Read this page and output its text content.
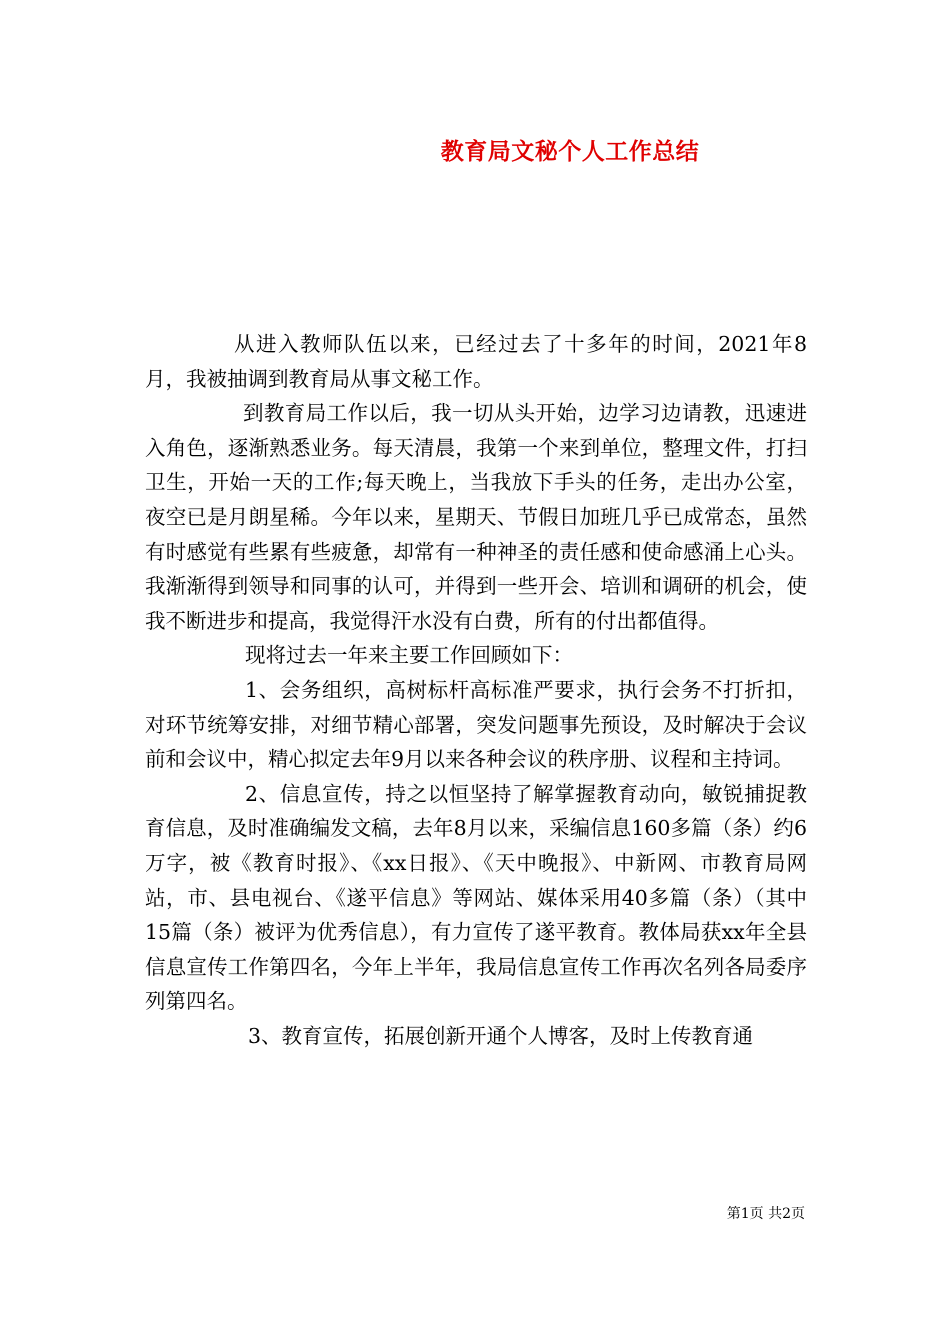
教育局文秘个人工作总结

从进入教师队伍以来，已经过去了十多年的时间，2021年8月，我被抽调到教育局从事文秘工作。

到教育局工作以后，我一切从头开始，边学习边请教，迅速进入角色，逐渐熟悉业务。每天清晨，我第一个来到单位，整理文件，打扫卫生，开始一天的工作;每天晚上，当我放下手头的任务，走出办公室，夜空已是月朗星稀。今年以来，星期天、节假日加班几乎已成常态，虽然有时感觉有些累有些疲惫，却常有一种神圣的责任感和使命感涌上心头。我渐渐得到领导和同事的认可，并得到一些开会、培训和调研的机会，使我不断进步和提高，我觉得汗水没有白费，所有的付出都值得。

现将过去一年来主要工作回顾如下：

1、会务组织，高树标杆高标准严要求，执行会务不打折扣，对环节统筹安排，对细节精心部署，突发问题事先预设，及时解决于会议前和会议中，精心拟定去年9月以来各种会议的秩序册、议程和主持词。

2、信息宣传，持之以恒坚持了解掌握教育动向，敏锐捕捉教育信息，及时准确编发文稿，去年8月以来，采编信息160多篇（条）约6万字，被《教育时报》、《xx日报》、《天中晚报》、中新网、市教育局网站，市、县电视台、《遂平信息》等网站、媒体采用40多篇（条）（其中15篇（条）被评为优秀信息），有力宣传了遂平教育。教体局获xx年全县信息宣传工作第四名，今年上半年，我局信息宣传工作再次名列各局委序列第四名。

3、教育宣传，拓展创新开通个人博客，及时上传教育通

第1页 共2页
